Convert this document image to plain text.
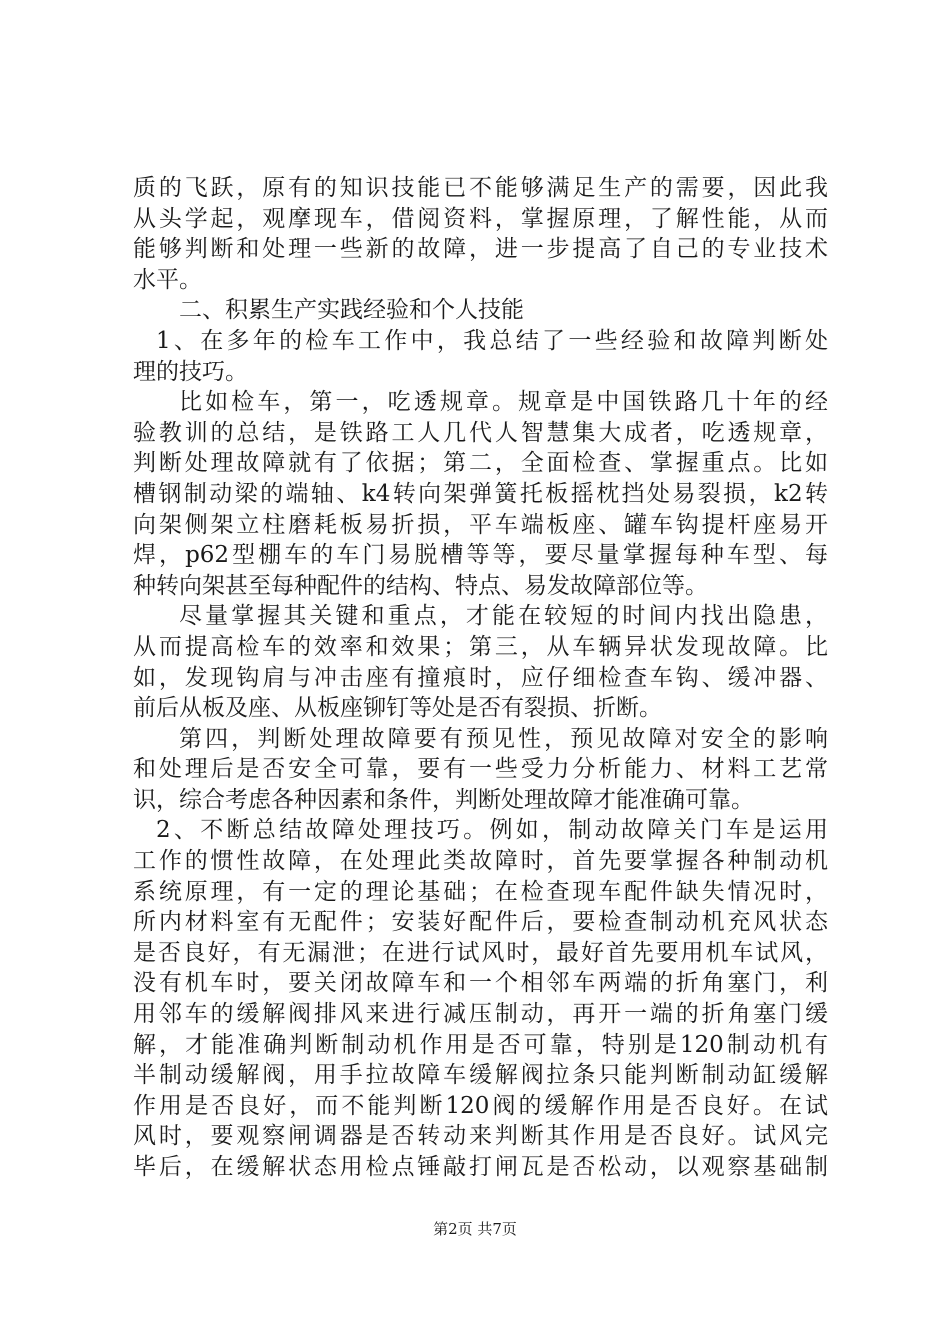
质的飞跃，原有的知识技能已不能够满足生产的需要，因此我
从头学起，观摩现车，借阅资料，掌握原理，了解性能，从而
能够判断和处理一些新的故障，进一步提高了自己的专业技术
水平。
二、积累生产实践经验和个人技能
1、在多年的检车工作中，我总结了一些经验和故障判断处
理的技巧。
比如检车，第一，吃透规章。规章是中国铁路几十年的经
验教训的总结，是铁路工人几代人智慧集大成者，吃透规章，
判断处理故障就有了依据；第二，全面检查、掌握重点。比如
槽钢制动梁的端轴、k4转向架弹簧托板摇枕挡处易裂损，k2转
向架侧架立柱磨耗板易折损，平车端板座、罐车钩提杆座易开
焊，p62型棚车的车门易脱槽等等，要尽量掌握每种车型、每
种转向架甚至每种配件的结构、特点、易发故障部位等。
尽量掌握其关键和重点，才能在较短的时间内找出隐患，
从而提高检车的效率和效果；第三，从车辆异状发现故障。比
如，发现钩肩与冲击座有撞痕时，应仔细检查车钩、缓冲器、
前后从板及座、从板座铆钉等处是否有裂损、折断。
第四，判断处理故障要有预见性，预见故障对安全的影响
和处理后是否安全可靠，要有一些受力分析能力、材料工艺常
识，综合考虑各种因素和条件，判断处理故障才能准确可靠。
2、不断总结故障处理技巧。例如，制动故障关门车是运用
工作的惯性故障，在处理此类故障时，首先要掌握各种制动机
系统原理，有一定的理论基础；在检查现车配件缺失情况时，
所内材料室有无配件；安装好配件后，要检查制动机充风状态
是否良好，有无漏泄；在进行试风时，最好首先要用机车试风，
没有机车时，要关闭故障车和一个相邻车两端的折角塞门，利
用邻车的缓解阀排风来进行减压制动，再开一端的折角塞门缓
解，才能准确判断制动机作用是否可靠，特别是120制动机有
半制动缓解阀，用手拉故障车缓解阀拉条只能判断制动缸缓解
作用是否良好，而不能判断120阀的缓解作用是否良好。在试
风时，要观察闸调器是否转动来判断其作用是否良好。试风完
毕后，在缓解状态用检点锤敲打闸瓦是否松动，以观察基础制
第2页 共7页
